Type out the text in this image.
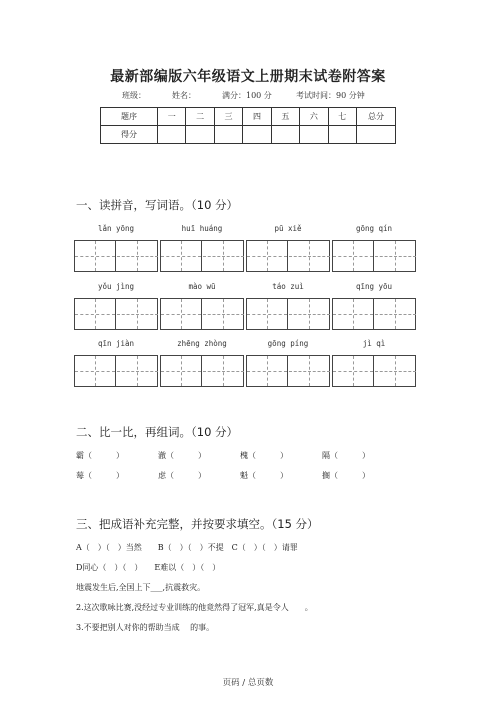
最新部编版六年级语文上册期末试卷附答案
班级：	姓名：	满分：100 分	考试时间：90 分钟
题序	一	二	三	四	五	六	七	总分
得分								
一、读拼音，写词语。（10 分）
lǎn yōng	huī huáng	pū xiě	gōng qín
yǒu jìng	mào wū	táo zuì	qīng yōu
qīn jiàn	zhēng zhòng	gōng píng	jì qì
二、比一比，再组词。（10 分）
霸（　　　）	澈（　　　）	槐（　　　）	隔（　　　）
莓（　　　）	虑（　　　）	魁（　　　）	搁（　　　）
三、把成语补充完整，并按要求填空。（15 分）
A（　）（　）当然　　B（　）（　）不提　C（　）（　）请罪
D同心（　）（　）　　E难以（　）（　）
地震发生后,全国上下___,抗震救灾。
2.这次歌咏比赛,没经过专业训练的他竟然得了冠军,真是令人　　。
3.不要把别人对你的帮助当成　 的事。
页码 / 总页数
